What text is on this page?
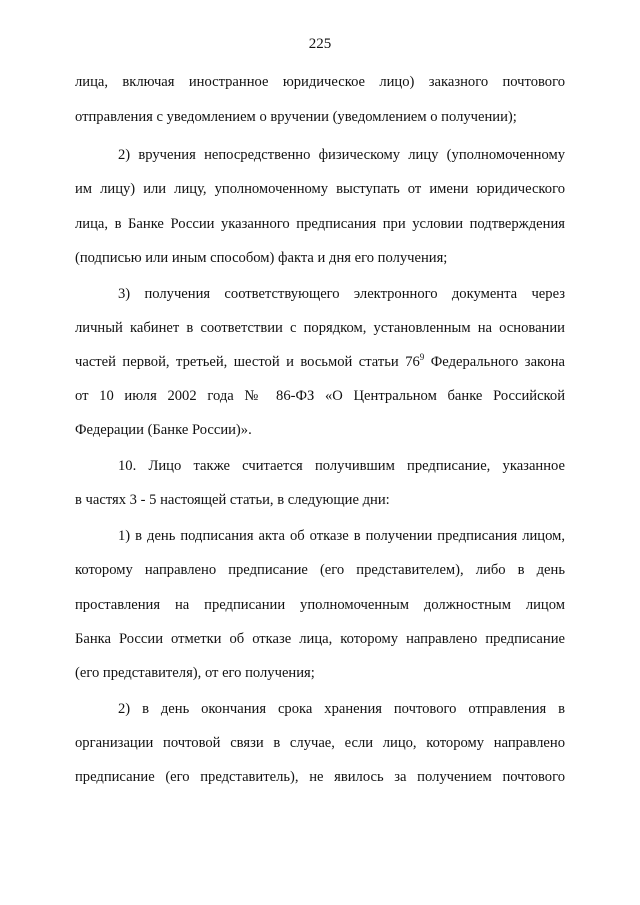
225
лица, включая иностранное юридическое лицо) заказного почтового
отправления с уведомлением о вручении (уведомлением о получении);
2) вручения непосредственно физическому лицу (уполномоченному
им лицу) или лицу, уполномоченному выступать от имени юридического
лица, в Банке России указанного предписания при условии подтверждения
(подписью или иным способом) факта и дня его получения;
3) получения соответствующего электронного документа через
личный кабинет в соответствии с порядком, установленным на основании
частей первой, третьей, шестой и восьмой статьи $76^9$ Федерального закона
от 10 июля 2002 года № 86-ФЗ «О Центральном банке Российской
Федерации (Банке России)».
10. Лицо также считается получившим предписание, указанное
в частях 3 - 5 настоящей статьи, в следующие дни:
1) в день подписания акта об отказе в получении предписания лицом,
которому направлено предписание (его представителем), либо в день
проставления на предписании уполномоченным должностным лицом
Банка России отметки об отказе лица, которому направлено предписание
(его представителя), от его получения;
2) в день окончания срока хранения почтового отправления в
организации почтовой связи в случае, если лицо, которому направлено
предписание (его представитель), не явилось за получением почтового
